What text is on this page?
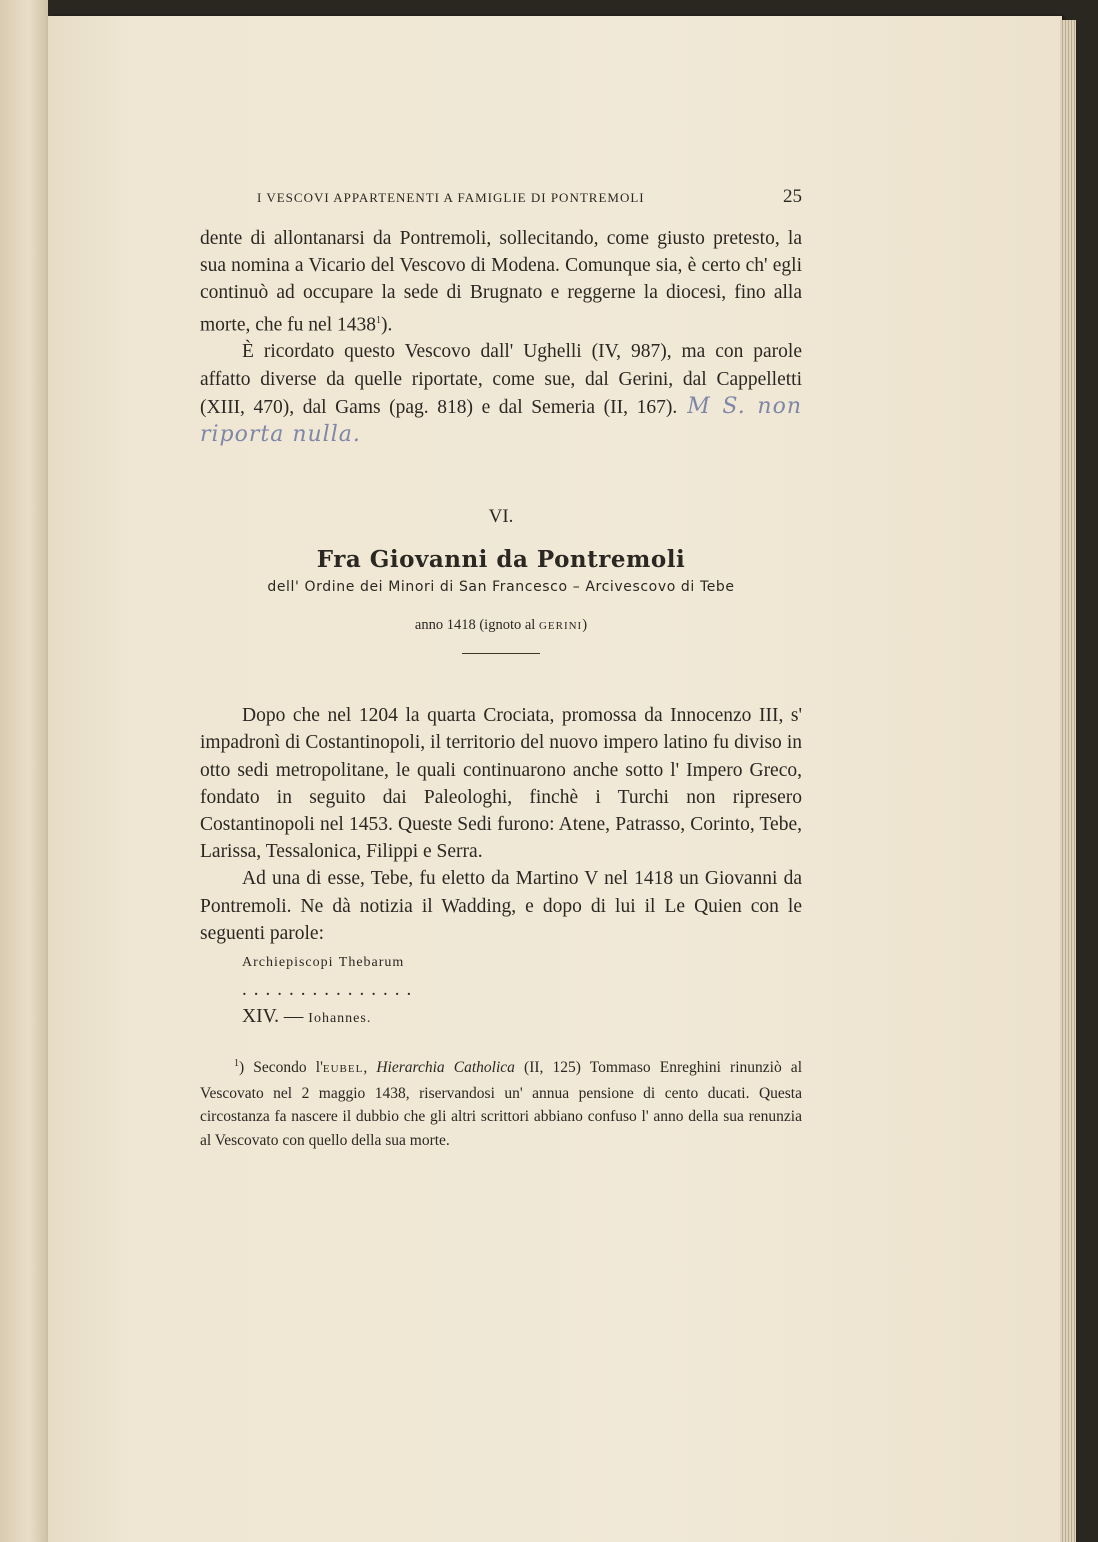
I VESCOVI APPARTENENTI A FAMIGLIE DI PONTREMOLI	25

dente di allontanarsi da Pontremoli, sollecitando, come giusto pretesto, la sua nomina a Vicario del Vescovo di Modena. Comunque sia, è certo ch' egli continuò ad occupare la sede di Brugnato e reggerne la diocesi, fino alla morte, che fu nel 1438$^1$).

È ricordato questo Vescovo dall' Ughelli (IV, 987), ma con parole affatto diverse da quelle riportate, come sue, dal Gerini, dal Cappelletti (XIII, 470), dal Gams (pag. 818) e dal Semeria (II, 167). M S. non riporta nulla.

VI.
Fra Giovanni da Pontremoli
dell' Ordine dei Minori di San Francesco – Arcivescovo di Tebe
anno 1418 (ignoto al GERINI)

Dopo che nel 1204 la quarta Crociata, promossa da Innocenzo III, s' impadronì di Costantinopoli, il territorio del nuovo impero latino fu diviso in otto sedi metropolitane, le quali continuarono anche sotto l' Impero Greco, fondato in seguito dai Paleologhi, finchè i Turchi non ripresero Costantinopoli nel 1453. Queste Sedi furono: Atene, Patrasso, Corinto, Tebe, Larissa, Tessalonica, Filippi e Serra.

Ad una di esse, Tebe, fu eletto da Martino V nel 1418 un Giovanni da Pontremoli. Ne dà notizia il Wadding, e dopo di lui il Le Quien con le seguenti parole:

Archiepiscopi Thebarum
...............
XIV. — Iohannes.

$^1$) Secondo l'EUBEL, Hierarchia Catholica (II, 125) Tommaso Enreghini rinunziò al Vescovato nel 2 maggio 1438, riservandosi un' annua pensione di cento ducati. Questa circostanza fa nascere il dubbio che gli altri scrittori abbiano confuso l' anno della sua renunzia al Vescovato con quello della sua morte.
